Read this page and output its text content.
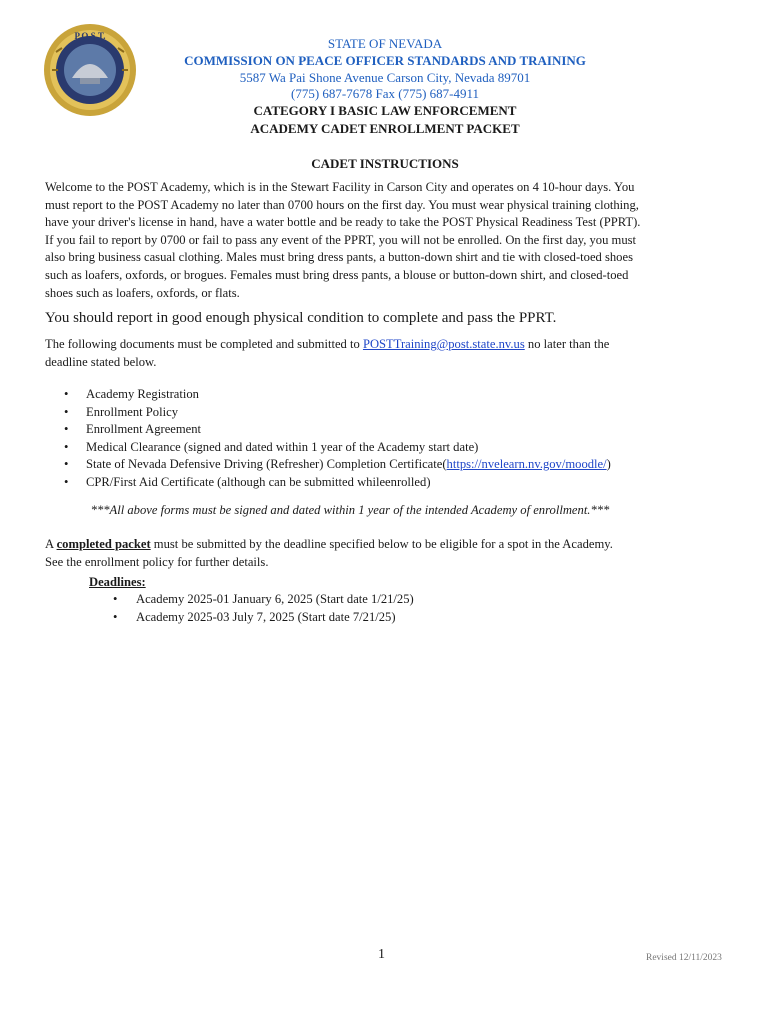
P.O.S.T.	STATE OF NEVADA
COMMISSION ON PEACE OFFICER STANDARDS AND TRAINING
5587 Wa Pai Shone Avenue Carson City, Nevada 89701
(775) 687-7678 Fax (775) 687-4911
CATEGORY I BASIC LAW ENFORCEMENT
ACADEMY CADET ENROLLMENT PACKET
CADET INSTRUCTIONS
Welcome to the POST Academy, which is in the Stewart Facility in Carson City and operates on 4 10-hour days. You
must report to the POST Academy no later than 0700 hours on the first day. You must wear physical training clothing,
have your driver's license in hand, have a water bottle and be ready to take the POST Physical Readiness Test (PPRT).
If you fail to report by 0700 or fail to pass any event of the PPRT, you will not be enrolled. On the first day, you must
also bring business casual clothing. Males must bring dress pants, a button-down shirt and tie with closed-toed shoes
such as loafers, oxfords, or brogues. Females must bring dress pants, a blouse or button-down shirt, and closed-toed
shoes such as loafers, oxfords, or flats.
You should report in good enough physical condition to complete and pass the PPRT.
The following documents must be completed and submitted to POSTTraining@post.state.nv.us no later than the
deadline stated below.
• Academy Registration
• Enrollment Policy
• Enrollment Agreement
• Medical Clearance (signed and dated within 1 year of the Academy start date)
• State of Nevada Defensive Driving (Refresher) Completion Certificate(https://nvelearn.nv.gov/moodle/)
• CPR/First Aid Certificate (although can be submitted whileenrolled)
***All above forms must be signed and dated within 1 year of the intended Academy of enrollment.***
A completed packet must be submitted by the deadline specified below to be eligible for a spot in the Academy.
See the enrollment policy for further details.
Deadlines:
• Academy 2025-01 January 6, 2025 (Start date 1/21/25)
• Academy 2025-03 July 7, 2025 (Start date 7/21/25)
1	Revised 12/11/2023
